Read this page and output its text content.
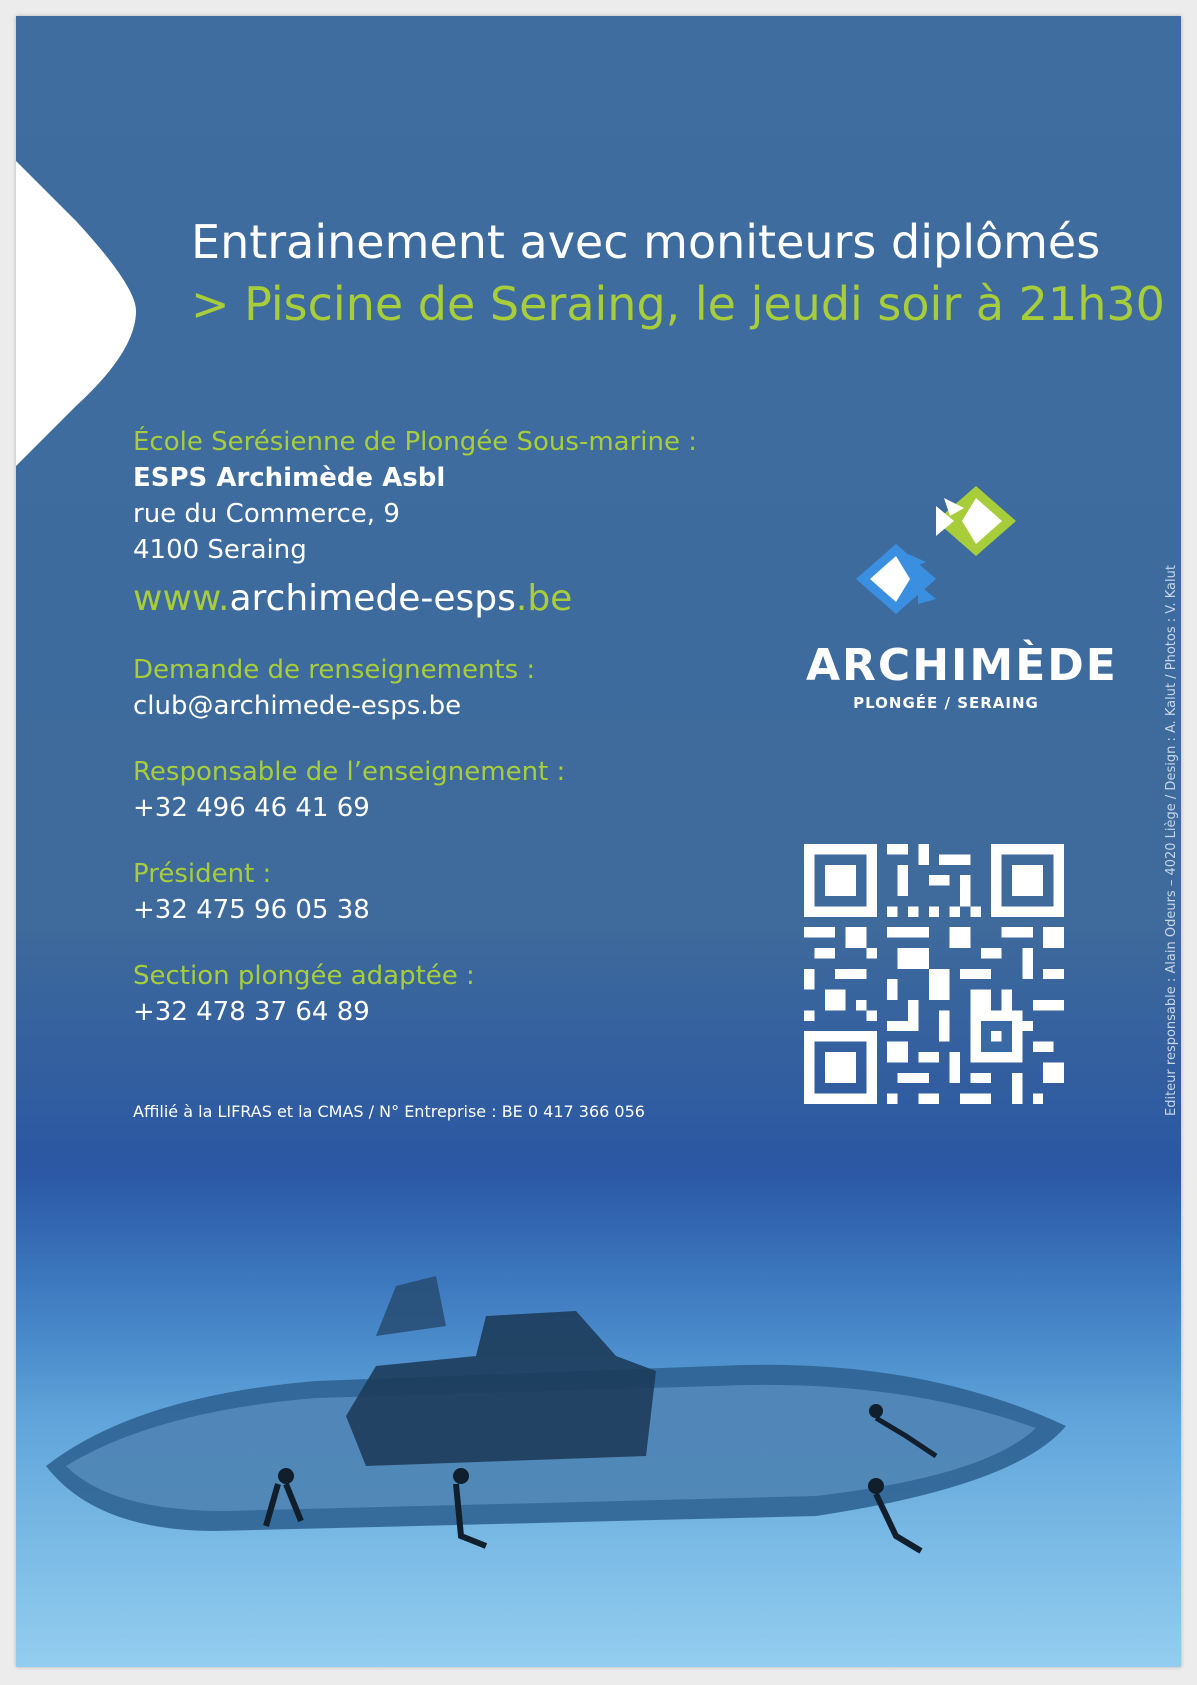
Entrainement avec moniteurs diplômés
> Piscine de Seraing, le jeudi soir à 21h30
École Serésienne de Plongée Sous-marine :
ESPS Archimède Asbl
rue du Commerce, 9
4100 Seraing
www.archimede-esps.be
Demande de renseignements :
club@archimede-esps.be
Responsable de l’enseignement :
+32 496 46 41 69
Président :
+32 475 96 05 38
Section plongée adaptée :
+32 478 37 64 89
Affilié à la LIFRAS et la CMAS / N° Entreprise : BE 0 417 366 056
ARCHIMÈDE
PLONGÉE / SERAING	Editeur responsable : Alain Odeurs – 4020 Liège / Design : A. Kalut / Photos : V. Kalut
